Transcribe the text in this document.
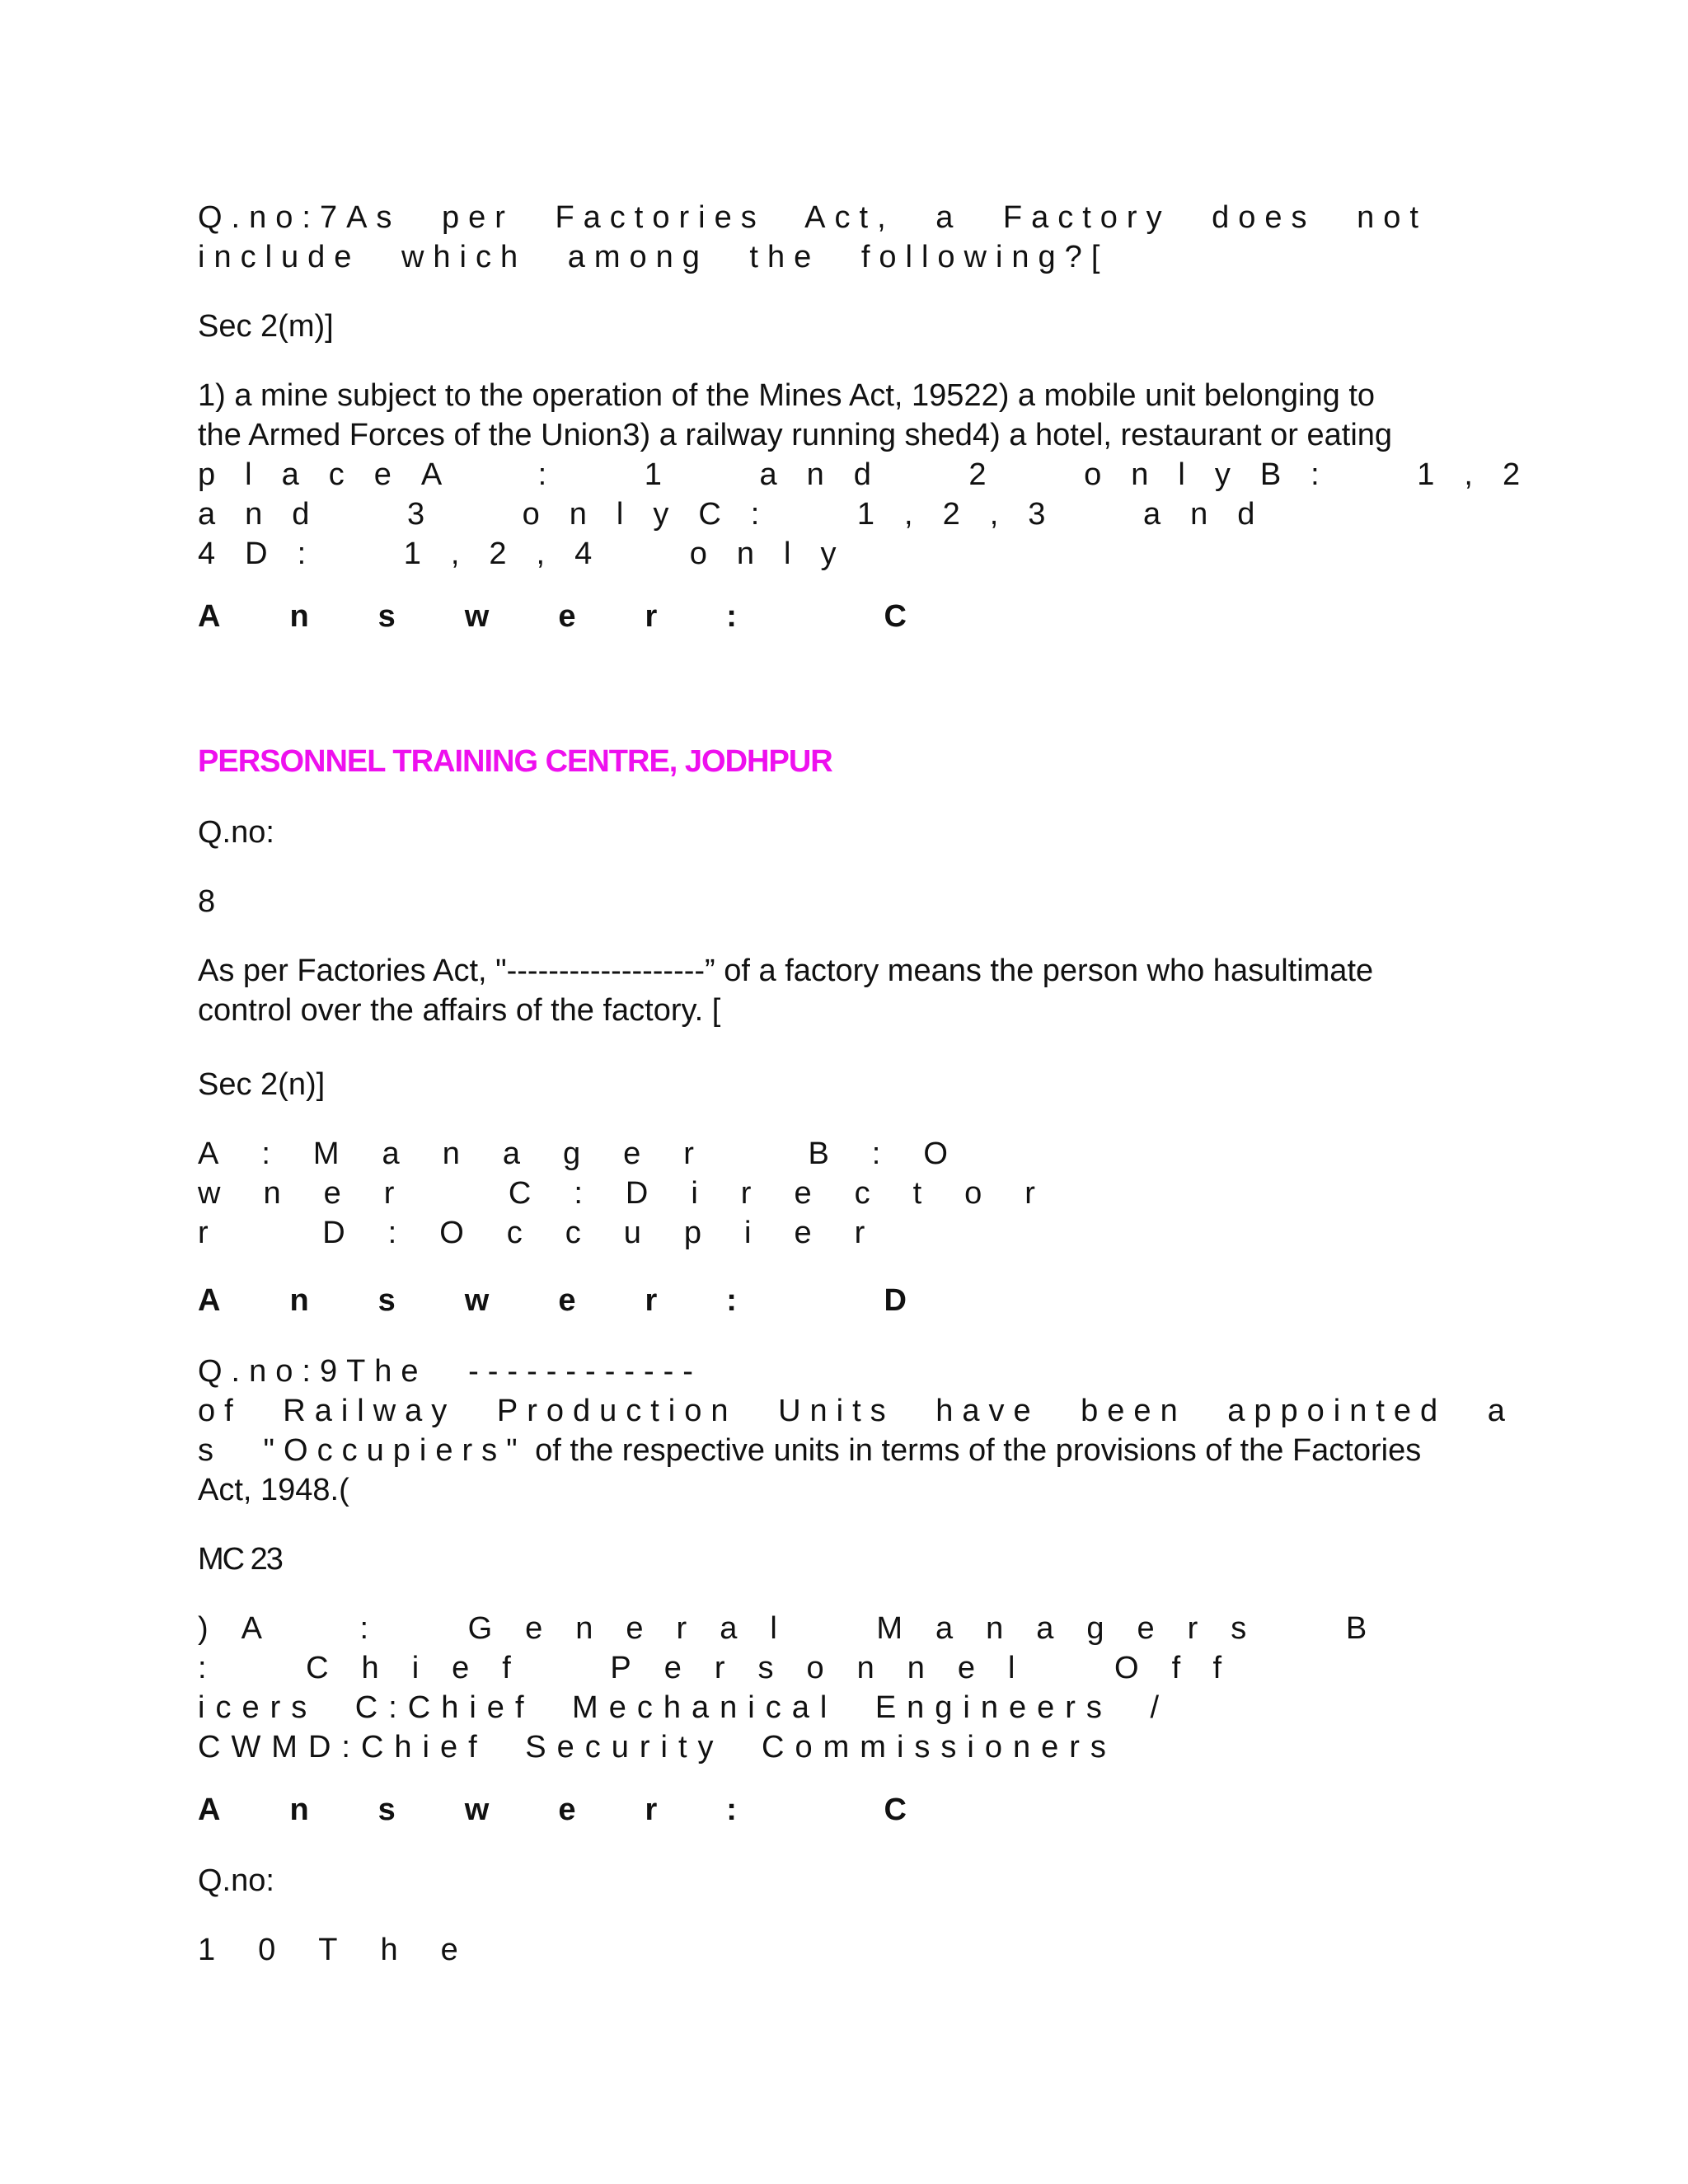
Q.no:7As per Factories Act, a Factory does not
include which among the following?[

Sec 2(m)]

1) a mine subject to the operation of the Mines Act, 19522) a mobile unit belonging to
the Armed Forces of the Union3) a railway running shed4) a hotel, restaurant or eating

placeA : 1 and 2 onlyB: 1,2
and 3 onlyC: 1,2,3 and
4D: 1,2,4 only

Answer: C

PERSONNEL TRAINING CENTRE, JODHPUR

Q.no:

8

As per Factories Act, "-------------------” of a factory means the person who hasultimate control over the affairs of the factory. [

Sec 2(n)]

A:Manager B:O
wner C:Director
r D:Occupier

Answer: D

Q.no:9The ------------
of Railway Production Units have been appointed a
s "Occupiers" of the respective units in terms of the provisions of the Factories
Act, 1948.(

MC 23

)A : General Managers B
: Chief Personnel Off
icers C:Chief Mechanical Engineers /
CWMD:Chief Security Commissioners

Answer: C

Q.no:

10The
